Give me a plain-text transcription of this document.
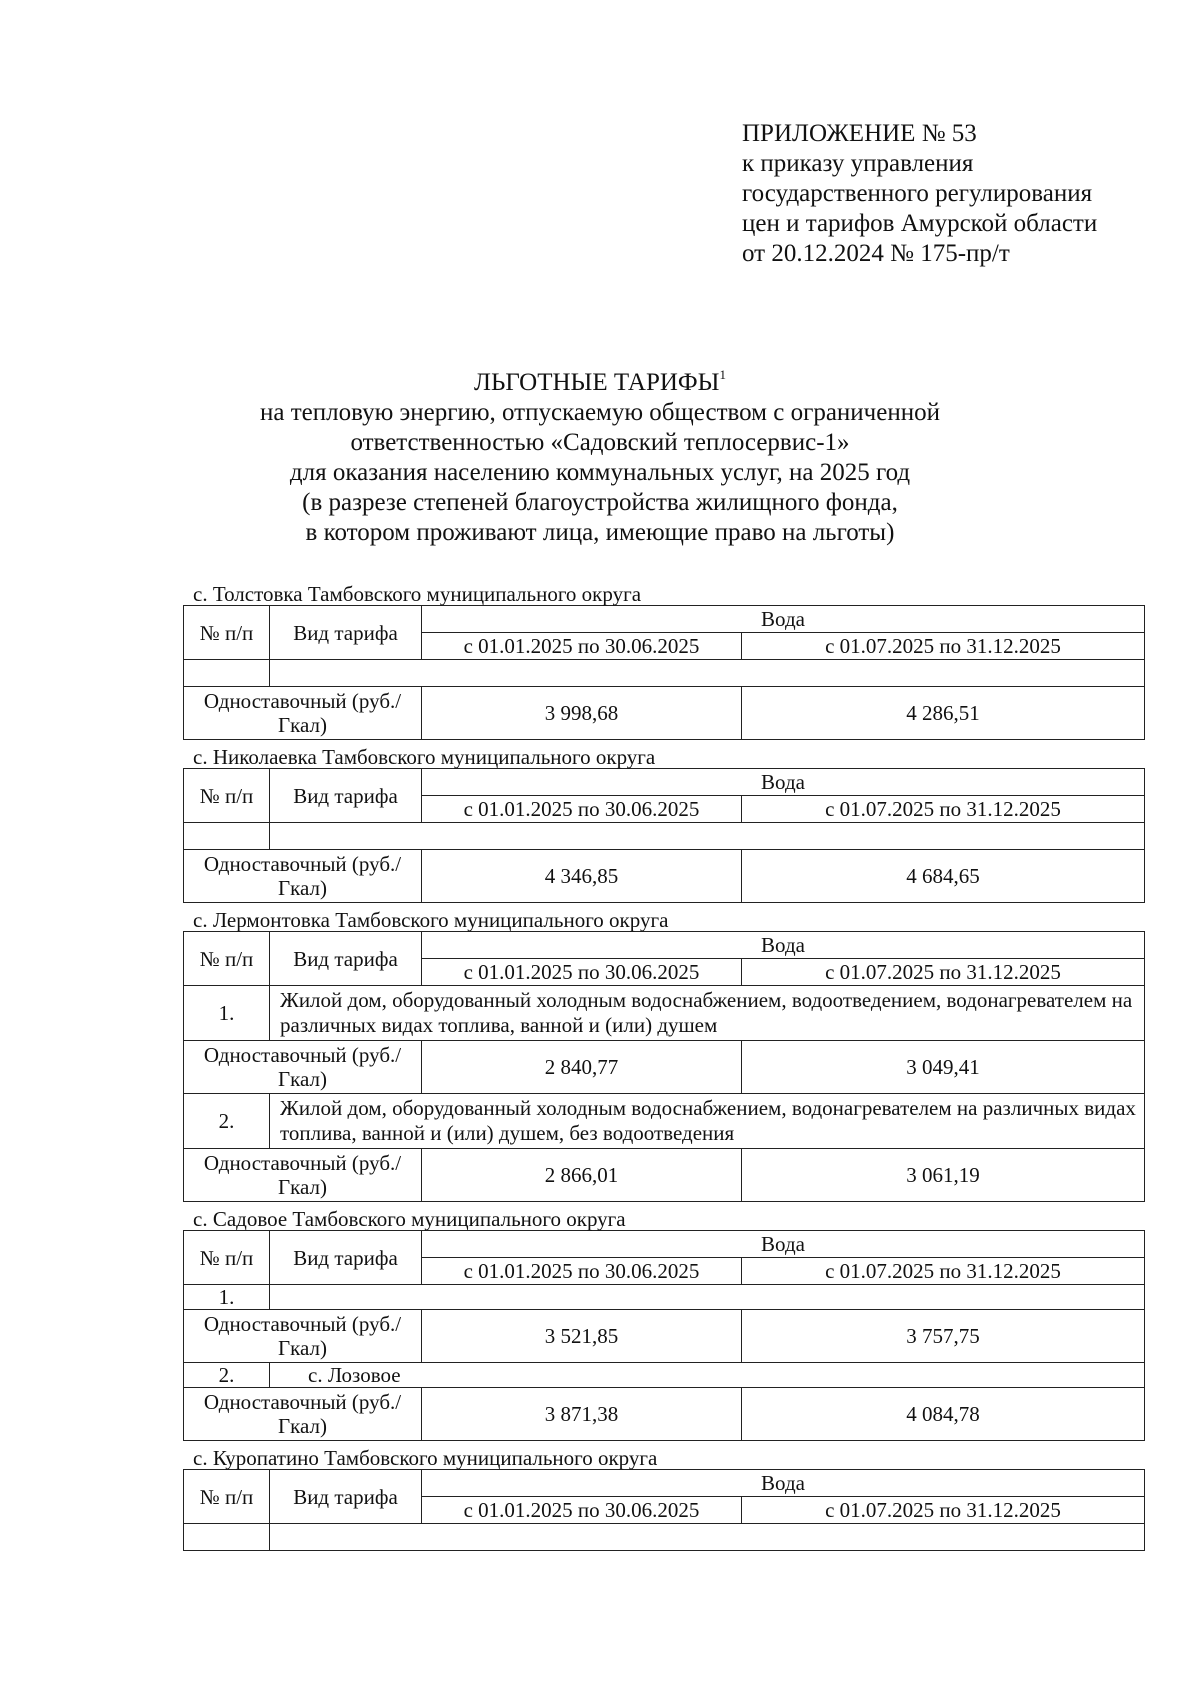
ПРИЛОЖЕНИЕ № 53
к приказу управления
государственного регулирования
цен и тарифов Амурской области
от 20.12.2024 № 175-пр/т
ЛЬГОТНЫЕ ТАРИФЫ$^1$
на тепловую энергию, отпускаемую обществом с ограниченной
ответственностью «Садовский теплосервис-1»
для оказания населению коммунальных услуг, на 2025 год
(в разрезе степеней благоустройства жилищного фонда,
в котором проживают лица, имеющие право на льготы)
с. Толстовка Тамбовского муниципального округа
№ п/п	Вид тарифа	Вода	
		с 01.01.2025 по 30.06.2025	с 01.07.2025 по 31.12.2025

Одноставочный (руб./Гкал)		3 998,68	4 286,51
с. Николаевка Тамбовского муниципального округа
№ п/п	Вид тарифа	Вода	
		с 01.01.2025 по 30.06.2025	с 01.07.2025 по 31.12.2025

Одноставочный (руб./Гкал)		4 346,85	4 684,65
с. Лермонтовка Тамбовского муниципального округа
№ п/п	Вид тарифа	Вода	
		с 01.01.2025 по 30.06.2025	с 01.07.2025 по 31.12.2025
1.	Жилой дом, оборудованный холодным водоснабжением, водоотведением, водонагревателем на различных видах топлива, ванной и (или) душем		
Одноставочный (руб./Гкал)		2 840,77	3 049,41
2.	Жилой дом, оборудованный холодным водоснабжением, водонагревателем на различных видах топлива, ванной и (или) душем, без водоотведения		
Одноставочный (руб./Гкал)		2 866,01	3 061,19
с. Садовое Тамбовского муниципального округа
№ п/п	Вид тарифа	Вода	
		с 01.01.2025 по 30.06.2025	с 01.07.2025 по 31.12.2025
1.			
Одноставочный (руб./Гкал)		3 521,85	3 757,75
2.	с. Лозовое		
Одноставочный (руб./Гкал)		3 871,38	4 084,78
с. Куропатино Тамбовского муниципального округа
№ п/п	Вид тарифа	Вода	
		с 01.01.2025 по 30.06.2025	с 01.07.2025 по 31.12.2025
